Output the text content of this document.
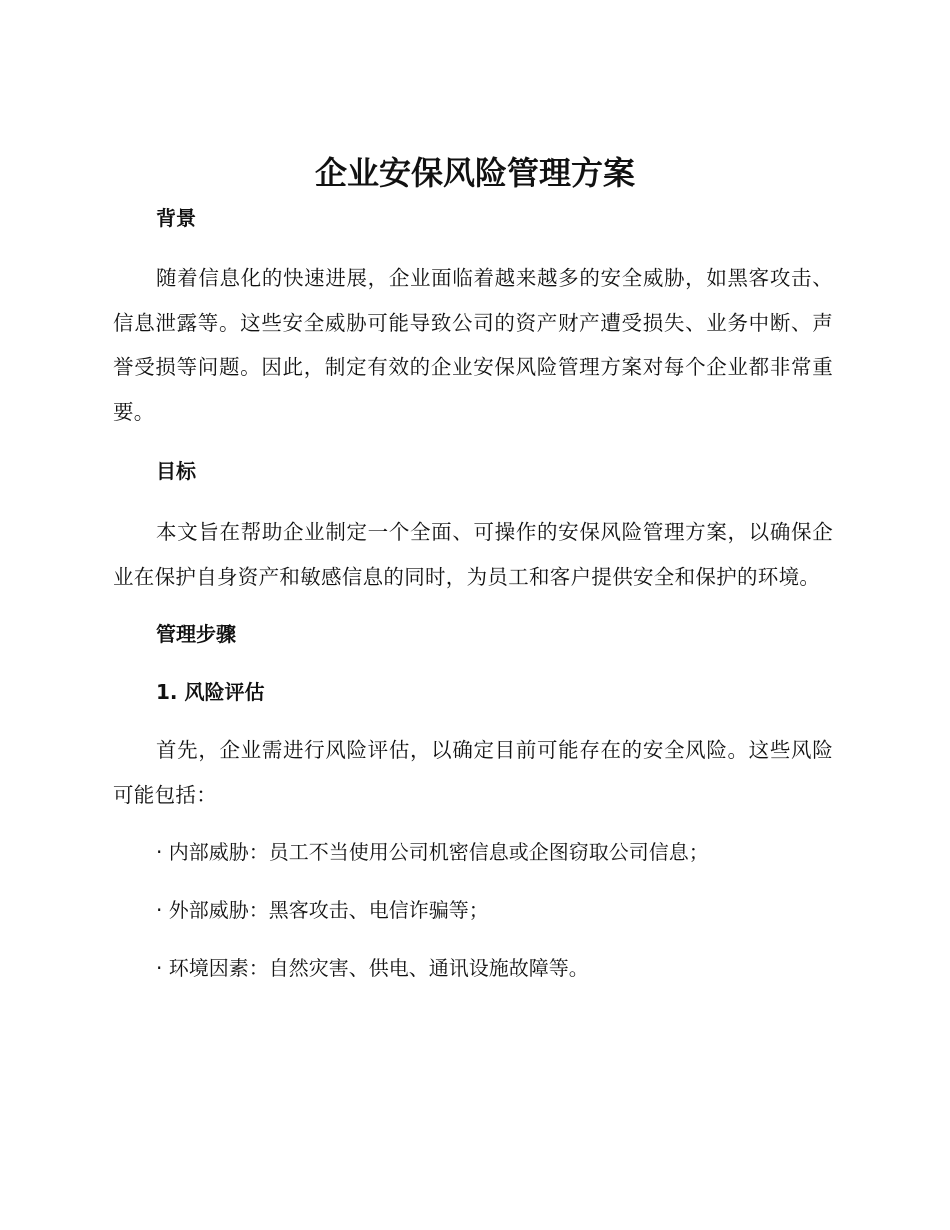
企业安保风险管理方案
背景

随着信息化的快速进展，企业面临着越来越多的安全威胁，如黑客攻击、信息泄露等。这些安全威胁可能导致公司的资产财产遭受损失、业务中断、声誉受损等问题。因此，制定有效的企业安保风险管理方案对每个企业都非常重要。

目标

本文旨在帮助企业制定一个全面、可操作的安保风险管理方案，以确保企业在保护自身资产和敏感信息的同时，为员工和客户提供安全和保护的环境。

管理步骤
1. 风险评估

首先，企业需进行风险评估，以确定目前可能存在的安全风险。这些风险可能包括：

· 内部威胁：员工不当使用公司机密信息或企图窃取公司信息；

· 外部威胁：黑客攻击、电信诈骗等；

· 环境因素：自然灾害、供电、通讯设施故障等。
